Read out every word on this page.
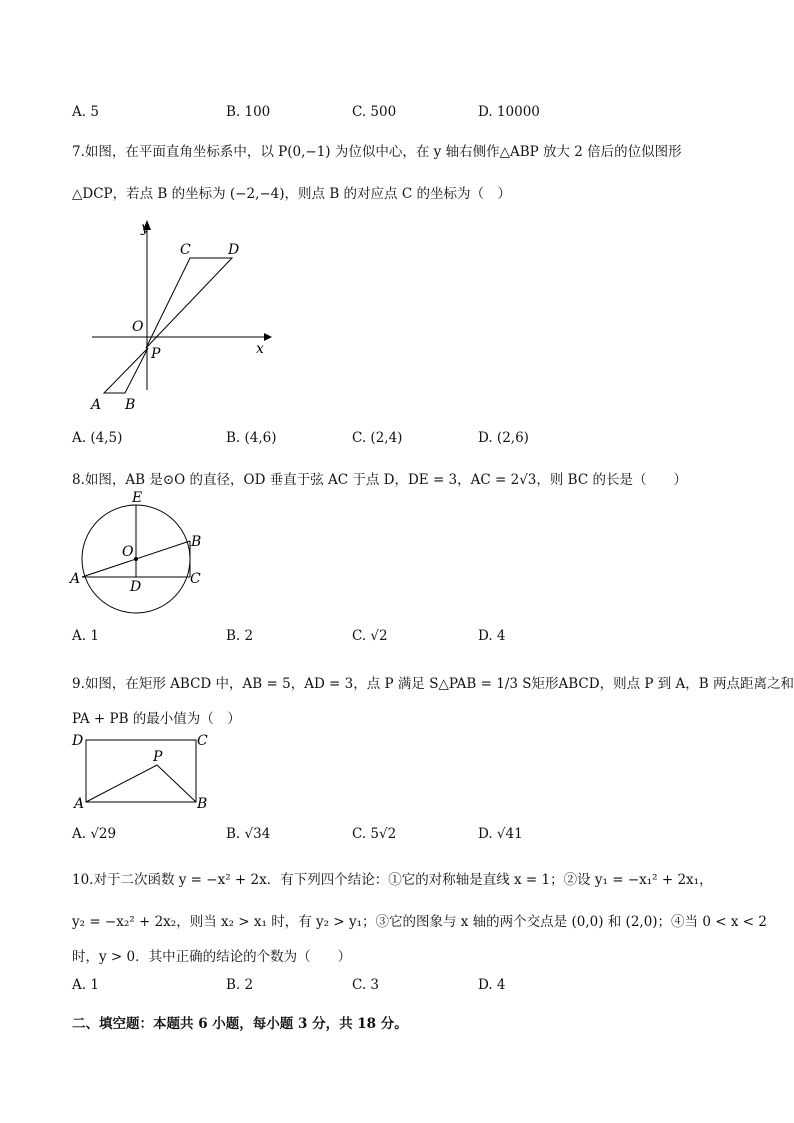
A. 5	B. 100	C. 500	D. 10000
7.如图，在平面直角坐标系中，以 P(0,−1) 为位似中心，在 y 轴右侧作△ABP 放大 2 倍后的位似图形
△DCP，若点 B 的坐标为 (−2,−4)，则点 B 的对应点 C 的坐标为（　）
y
x
O
P
A B
C	D
A. (4,5)	B. (4,6)	C. (2,4)	D. (2,6)
8.如图，AB 是⊙O 的直径，OD 垂直于弦 AC 于点 D，DE = 3，AC = 2√3，则 BC 的长是（　　）
E
O
B
A	D	C
A. 1	B. 2	C. √2	D. 4
9.如图，在矩形 ABCD 中，AB = 5，AD = 3，点 P 满足 S△PAB = 1/3 S矩形ABCD，则点 P 到 A，B 两点距离之和
PA + PB 的最小值为（　）
D	C
P
A	B
A. √29	B. √34	C. 5√2	D. √41
10.对于二次函数 y = −x² + 2x．有下列四个结论：①它的对称轴是直线 x = 1；②设 y₁ = −x₁² + 2x₁，
y₂ = −x₂² + 2x₂，则当 x₂ > x₁ 时，有 y₂ > y₁；③它的图象与 x 轴的两个交点是 (0,0) 和 (2,0)；④当 0 < x < 2
时，y > 0．其中正确的结论的个数为（　　）
A. 1	B. 2	C. 3	D. 4
二、填空题：本题共 6 小题，每小题 3 分，共 18 分。
